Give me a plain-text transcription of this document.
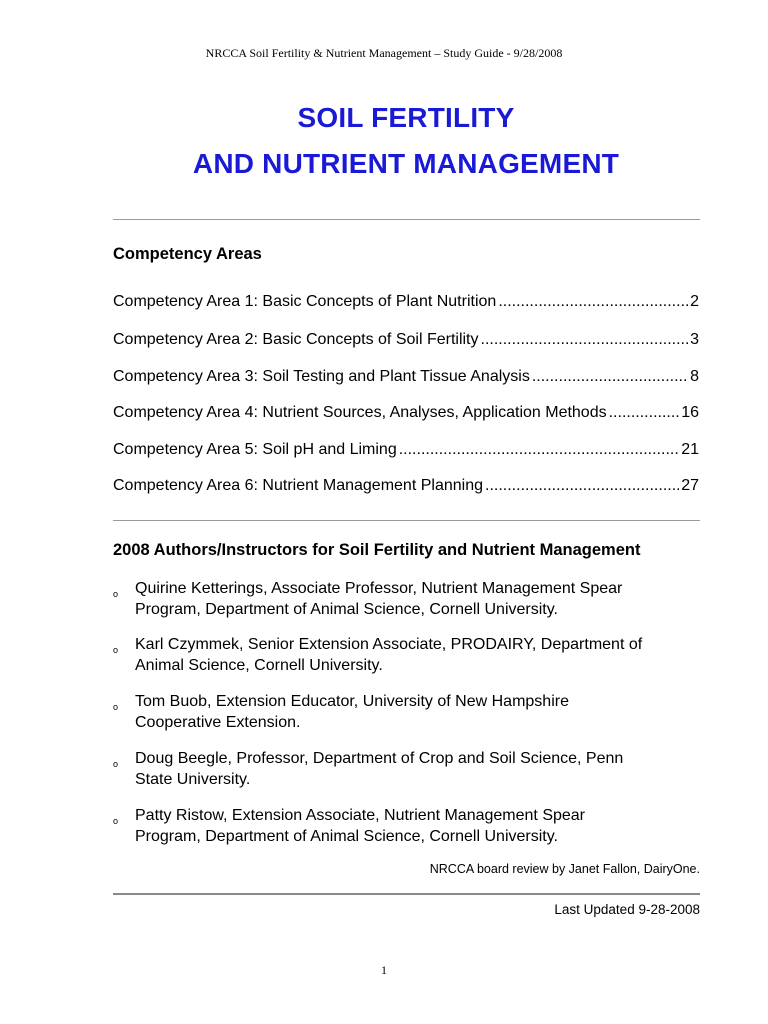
NRCCA Soil Fertility & Nutrient Management – Study Guide - 9/28/2008
SOIL FERTILITY
AND NUTRIENT MANAGEMENT
Competency Areas
Competency Area 1: Basic Concepts of Plant Nutrition .....	2
Competency Area 2: Basic Concepts of Soil Fertility .....	3
Competency Area 3: Soil Testing and Plant Tissue Analysis .....	8
Competency Area 4: Nutrient Sources, Analyses, Application Methods .....	16
Competency Area 5: Soil pH and Liming .....	21
Competency Area 6: Nutrient Management Planning .....	27
2008 Authors/Instructors for Soil Fertility and Nutrient Management
o Quirine Ketterings, Associate Professor, Nutrient Management Spear
Program, Department of Animal Science, Cornell University.
o Karl Czymmek, Senior Extension Associate, PRODAIRY, Department of
Animal Science, Cornell University.
o Tom Buob, Extension Educator, University of New Hampshire
Cooperative Extension.
o Doug Beegle, Professor, Department of Crop and Soil Science, Penn
State University.
o Patty Ristow, Extension Associate, Nutrient Management Spear
Program, Department of Animal Science, Cornell University.
NRCCA board review by Janet Fallon, DairyOne.
Last Updated 9-28-2008
1
